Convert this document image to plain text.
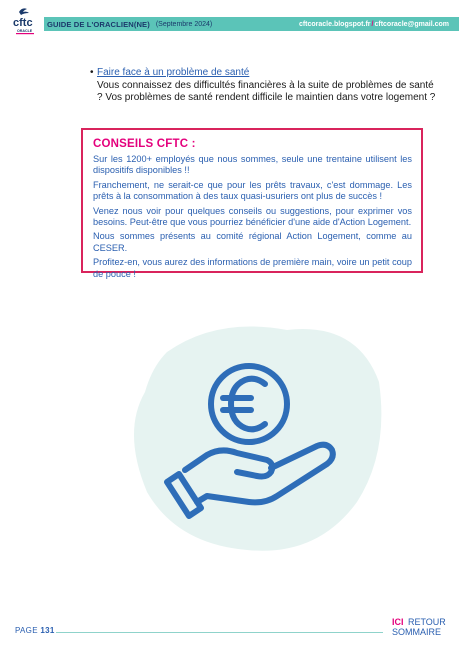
cftc
ORACLE
GUIDE DE L'ORACLIEN(NE) (Septembre 2024)	cftcoracle.blogspot.fr/cftcoracle@gmail.com
• Faire face à un problème de santé
Vous connaissez des difficultés financières à la suite de problèmes de santé ? Vos problèmes de santé rendent difficile le maintien dans votre logement ?
CONSEILS CFTC :

Sur les 1200+ employés que nous sommes, seule une trentaine utilisent les dispositifs disponibles !!

Franchement, ne serait-ce que pour les prêts travaux, c'est dommage. Les prêts à la consommation à des taux quasi-usuriers ont plus de succès !

Venez nous voir pour quelques conseils ou suggestions, pour exprimer vos besoins. Peut-être que vous pourriez bénéficier d'une aide d'Action Logement.

Nous sommes présents au comité régional Action Logement, comme au CESER.

Profitez-en, vous aurez des informations de première main, voire un petit coup de pouce !

PAGE 131
ICI RETOUR
SOMMAIRE
